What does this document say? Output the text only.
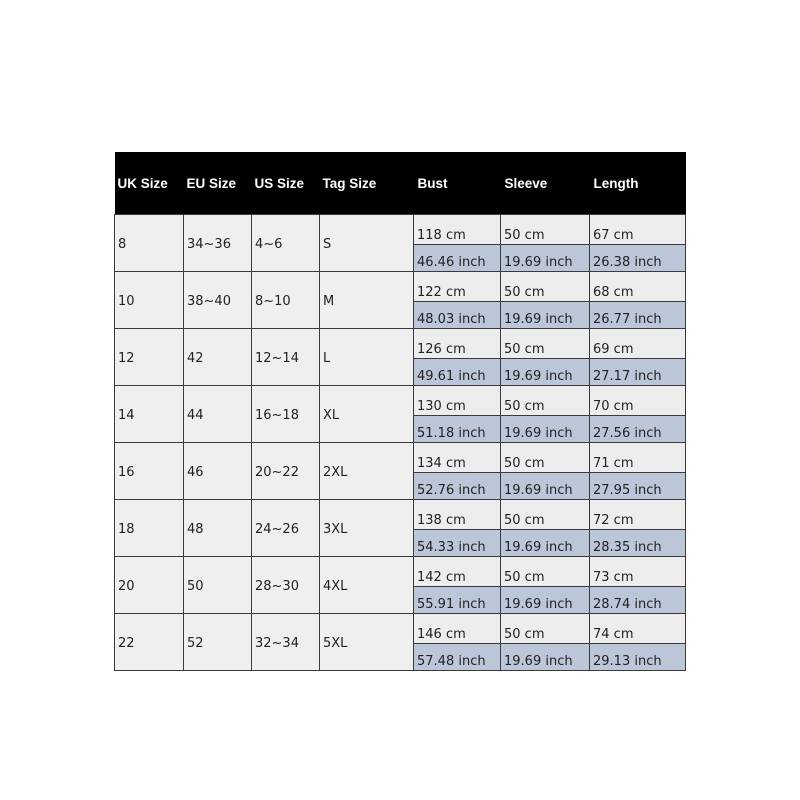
UK Size	EU Size	US Size	Tag Size	Bust	Sleeve	Length
8	34~36	4~6	S	118 cm	50 cm	67 cm
				46.46 inch	19.69 inch	26.38 inch
10	38~40	8~10	M	122 cm	50 cm	68 cm
				48.03 inch	19.69 inch	26.77 inch
12	42	12~14	L	126 cm	50 cm	69 cm
				49.61 inch	19.69 inch	27.17 inch
14	44	16~18	XL	130 cm	50 cm	70 cm
				51.18 inch	19.69 inch	27.56 inch
16	46	20~22	2XL	134 cm	50 cm	71 cm
				52.76 inch	19.69 inch	27.95 inch
18	48	24~26	3XL	138 cm	50 cm	72 cm
				54.33 inch	19.69 inch	28.35 inch
20	50	28~30	4XL	142 cm	50 cm	73 cm
				55.91 inch	19.69 inch	28.74 inch
22	52	32~34	5XL	146 cm	50 cm	74 cm
				57.48 inch	19.69 inch	29.13 inch
